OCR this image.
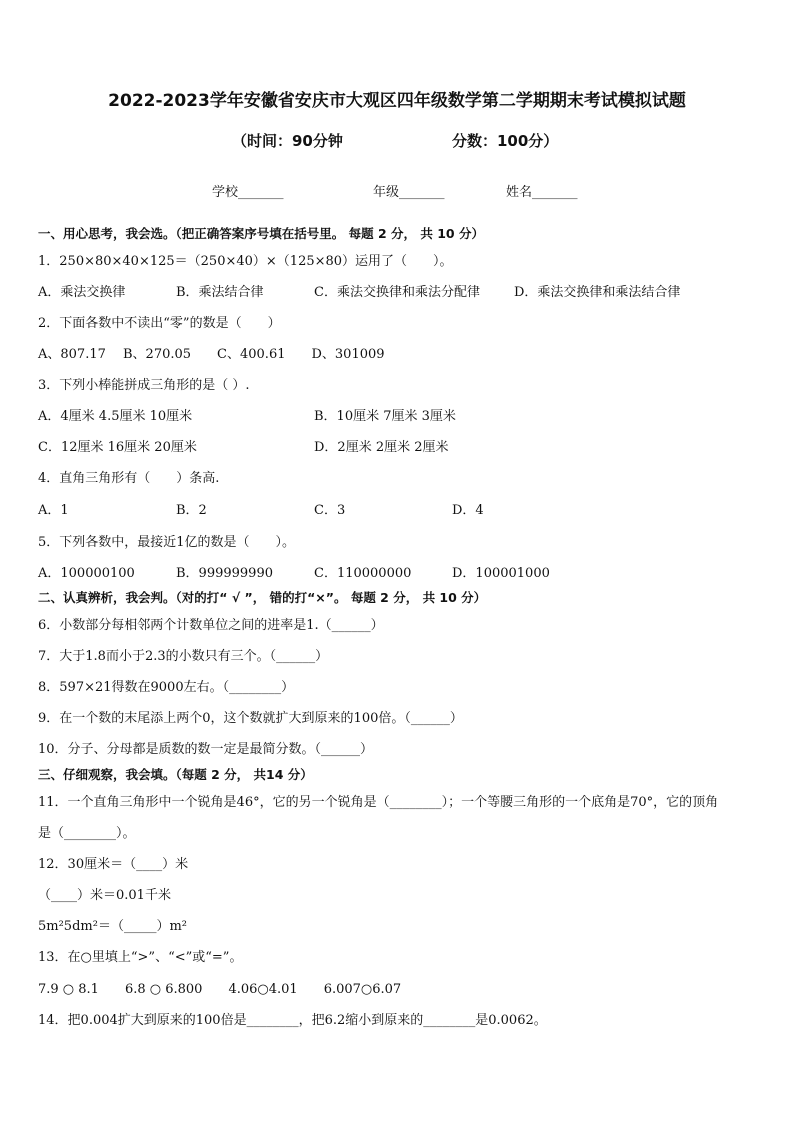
2022-2023学年安徽省安庆市大观区四年级数学第二学期期末考试模拟试题
（时间：90分钟	分数：100分）
学校_______	年级_______	姓名_______
一、用心思考，我会选。（把正确答案序号填在括号里。 每题 2 分， 共 10 分）
1．250×80×40×125＝（250×40）×（125×80）运用了（　　）。
A．乘法交换律	B．乘法结合律	C．乘法交换律和乘法分配律	D．乘法交换律和乘法结合律
2．下面各数中不读出“零”的数是（　　）
A、807.17　 B、270.05　　C、400.61　　D、301009
3．下列小棒能拼成三角形的是（ ）.
A．4厘米 4.5厘米 10厘米	B．10厘米 7厘米 3厘米
C．12厘米 16厘米 20厘米	D．2厘米 2厘米 2厘米
4．直角三角形有（　　）条高.
A．1	B．2	C．3	D．4
5．下列各数中，最接近1亿的数是（　　）。
A．100000100	B．999999990	C．110000000	D．100001000
二、认真辨析，我会判。（对的打“ √ ”， 错的打“×”。 每题 2 分， 共 10 分）
6．小数部分每相邻两个计数单位之间的进率是1.（______）
7．大于1.8而小于2.3的小数只有三个。（______）
8．597×21得数在9000左右。（________）
9．在一个数的末尾添上两个0，这个数就扩大到原来的100倍。（______）
10．分子、分母都是质数的数一定是最简分数。（______）
三、仔细观察，我会填。（每题 2 分， 共14 分）
11．一个直角三角形中一个锐角是46°，它的另一个锐角是（________）；一个等腰三角形的一个底角是70°，它的顶角
是（________）。
12．30厘米＝（____）米
（____）米＝0.01千米
5m²5dm²＝（_____）m²
13．在○里填上“>”、“<”或“=”。
7.9 ○ 8.1　　6.8 ○ 6.800　　4.06○4.01　　6.007○6.07
14．把0.004扩大到原来的100倍是________，把6.2缩小到原来的________是0.0062。
